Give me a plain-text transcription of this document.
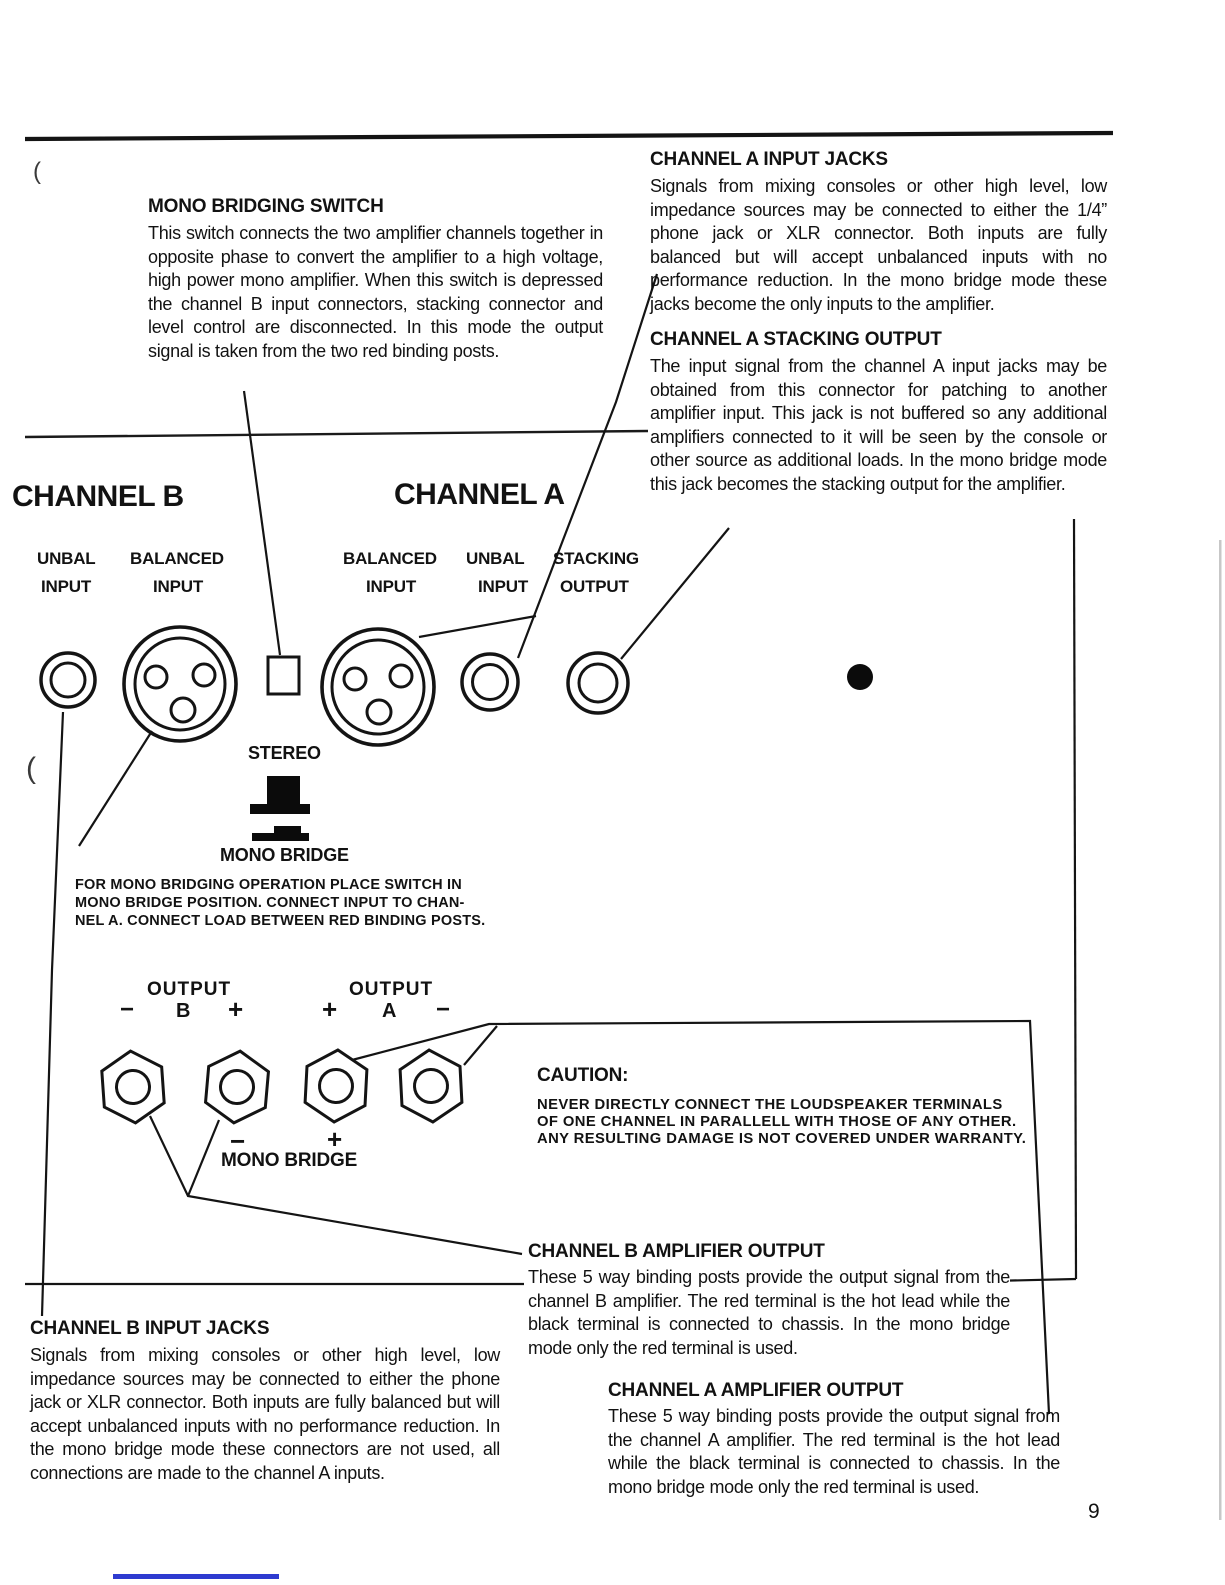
(
(
MONO BRIDGING SWITCH
This switch connects the two amplifier channels together in opposite phase to convert the amplifier to a high voltage, high power mono amplifier. When this switch is depressed the channel B input connectors, stacking connector and level control are disconnected. In this mode the output signal is taken from the two red binding posts.
CHANNEL A INPUT JACKS
Signals from mixing consoles or other high level, low impedance sources may be connected to either the 1/4” phone jack or XLR connector. Both inputs are fully balanced but will accept unbalanced inputs with no performance reduction. In the mono bridge mode these jacks become the only inputs to the amplifier.
CHANNEL A STACKING OUTPUT
The input signal from the channel A input jacks may be obtained from this connector for patching to another amplifier input. This jack is not buffered so any additional amplifiers connected to it will be seen by the console or other source as additional loads. In the mono bridge mode this jack becomes the stacking output for the amplifier.
CHANNEL B	CHANNEL A
UNBAL BALANCED
INPUT	INPUT
BALANCED UNBAL STACKING
INPUT	INPUT OUTPUT
STEREO
MONO BRIDGE
FOR MONO BRIDGING OPERATION PLACE SWITCH IN
MONO BRIDGE POSITION. CONNECT INPUT TO CHAN-
NEL A. CONNECT LOAD BETWEEN RED BINDING POSTS.
OUTPUT
− B +
OUTPUT
+ A −
−	+
MONO BRIDGE
CAUTION:
NEVER DIRECTLY CONNECT THE LOUDSPEAKER TERMINALS
OF ONE CHANNEL IN PARALLELL WITH THOSE OF ANY OTHER.
ANY RESULTING DAMAGE IS NOT COVERED UNDER WARRANTY.
CHANNEL B AMPLIFIER OUTPUT
These 5 way binding posts provide the output signal from the channel B amplifier. The red terminal is the hot lead while the black terminal is connected to chassis. In the mono bridge mode only the red terminal is used.
CHANNEL B INPUT JACKS
Signals from mixing consoles or other high level, low impedance sources may be connected to either the phone jack or XLR connector. Both inputs are fully balanced but will accept unbalanced inputs with no performance reduction. In the mono bridge mode these connectors are not used, all connections are made to the channel A inputs.
CHANNEL A AMPLIFIER OUTPUT
These 5 way binding posts provide the output signal from the channel A amplifier. The red terminal is the hot lead while the black terminal is connected to chassis. In the mono bridge mode only the red terminal is used.
9
